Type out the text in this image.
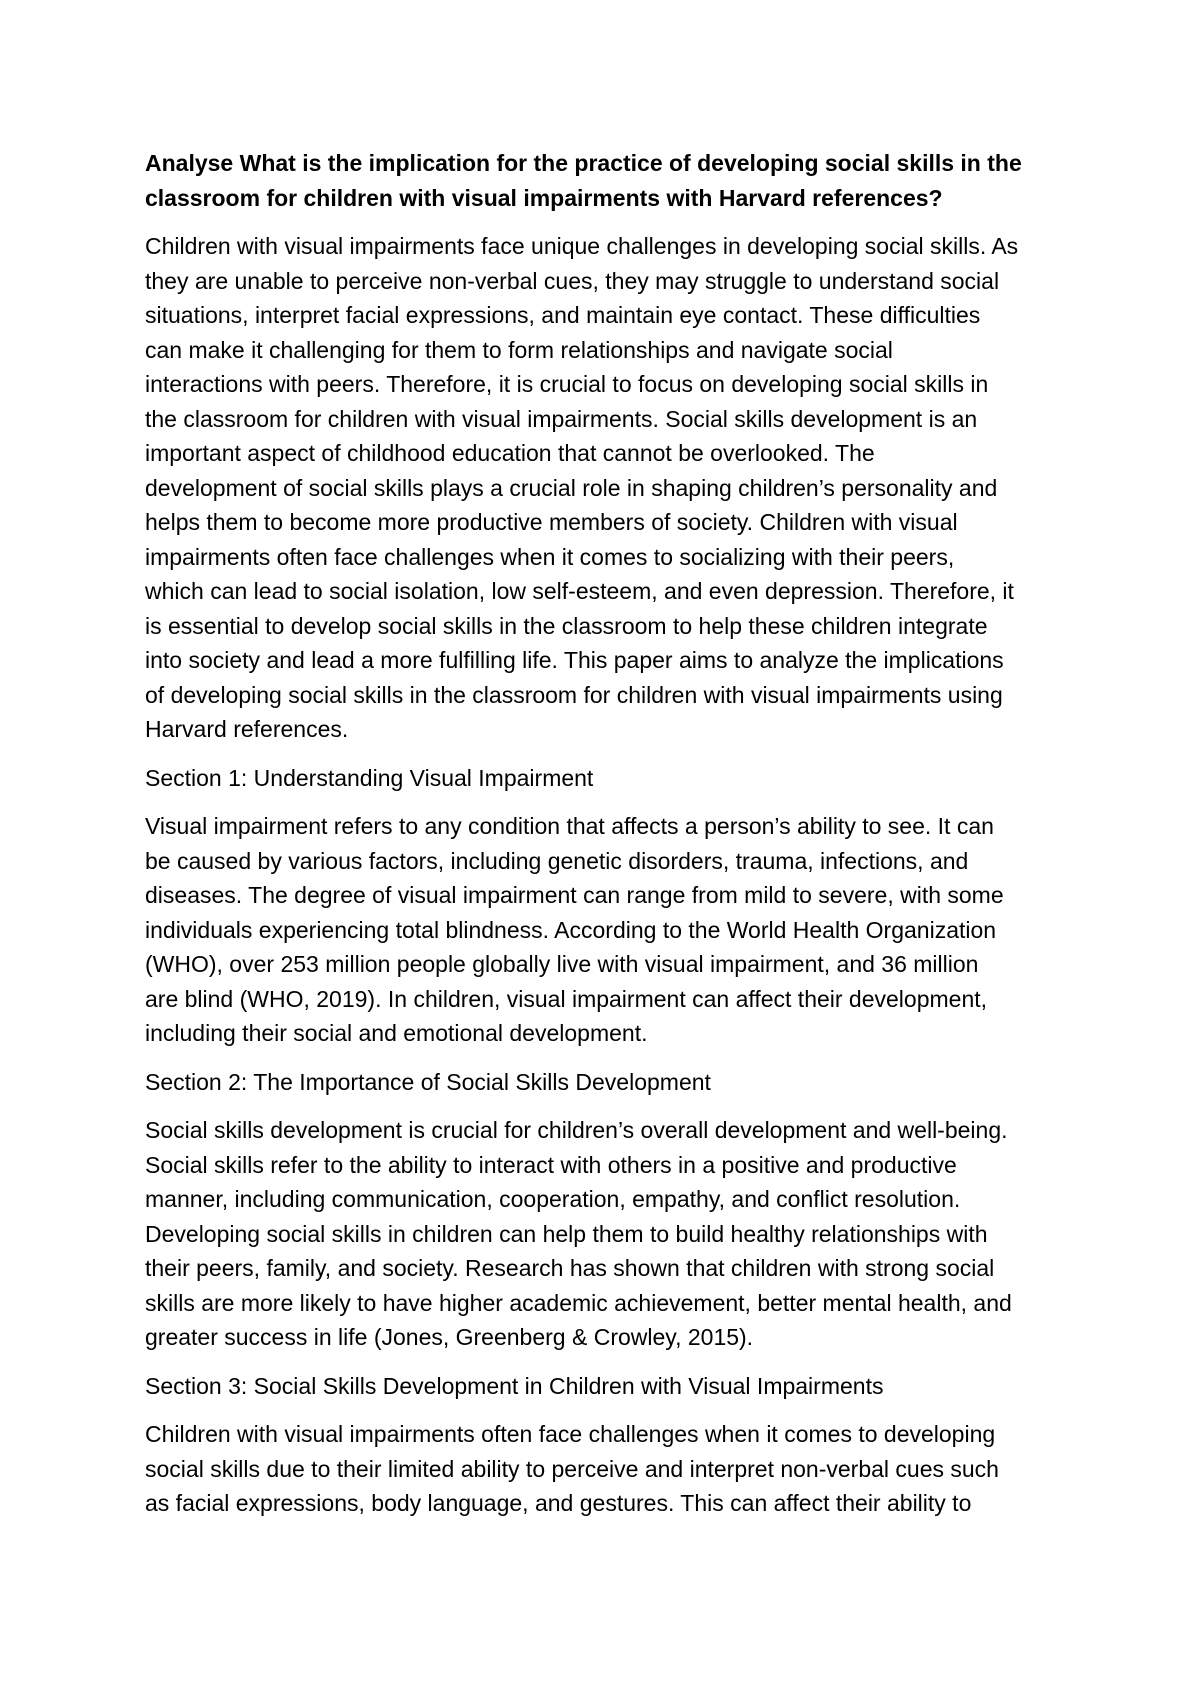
Analyse What is the implication for the practice of developing social skills in the
classroom for children with visual impairments with Harvard references?
Children with visual impairments face unique challenges in developing social skills. As
they are unable to perceive non-verbal cues, they may struggle to understand social
situations, interpret facial expressions, and maintain eye contact. These difficulties
can make it challenging for them to form relationships and navigate social
interactions with peers. Therefore, it is crucial to focus on developing social skills in
the classroom for children with visual impairments. Social skills development is an
important aspect of childhood education that cannot be overlooked. The
development of social skills plays a crucial role in shaping children’s personality and
helps them to become more productive members of society. Children with visual
impairments often face challenges when it comes to socializing with their peers,
which can lead to social isolation, low self-esteem, and even depression. Therefore, it
is essential to develop social skills in the classroom to help these children integrate
into society and lead a more fulfilling life. This paper aims to analyze the implications
of developing social skills in the classroom for children with visual impairments using
Harvard references.
Section 1: Understanding Visual Impairment
Visual impairment refers to any condition that affects a person’s ability to see. It can
be caused by various factors, including genetic disorders, trauma, infections, and
diseases. The degree of visual impairment can range from mild to severe, with some
individuals experiencing total blindness. According to the World Health Organization
(WHO), over 253 million people globally live with visual impairment, and 36 million
are blind (WHO, 2019). In children, visual impairment can affect their development,
including their social and emotional development.
Section 2: The Importance of Social Skills Development
Social skills development is crucial for children’s overall development and well-being.
Social skills refer to the ability to interact with others in a positive and productive
manner, including communication, cooperation, empathy, and conflict resolution.
Developing social skills in children can help them to build healthy relationships with
their peers, family, and society. Research has shown that children with strong social
skills are more likely to have higher academic achievement, better mental health, and
greater success in life (Jones, Greenberg & Crowley, 2015).
Section 3: Social Skills Development in Children with Visual Impairments
Children with visual impairments often face challenges when it comes to developing
social skills due to their limited ability to perceive and interpret non-verbal cues such
as facial expressions, body language, and gestures. This can affect their ability to
